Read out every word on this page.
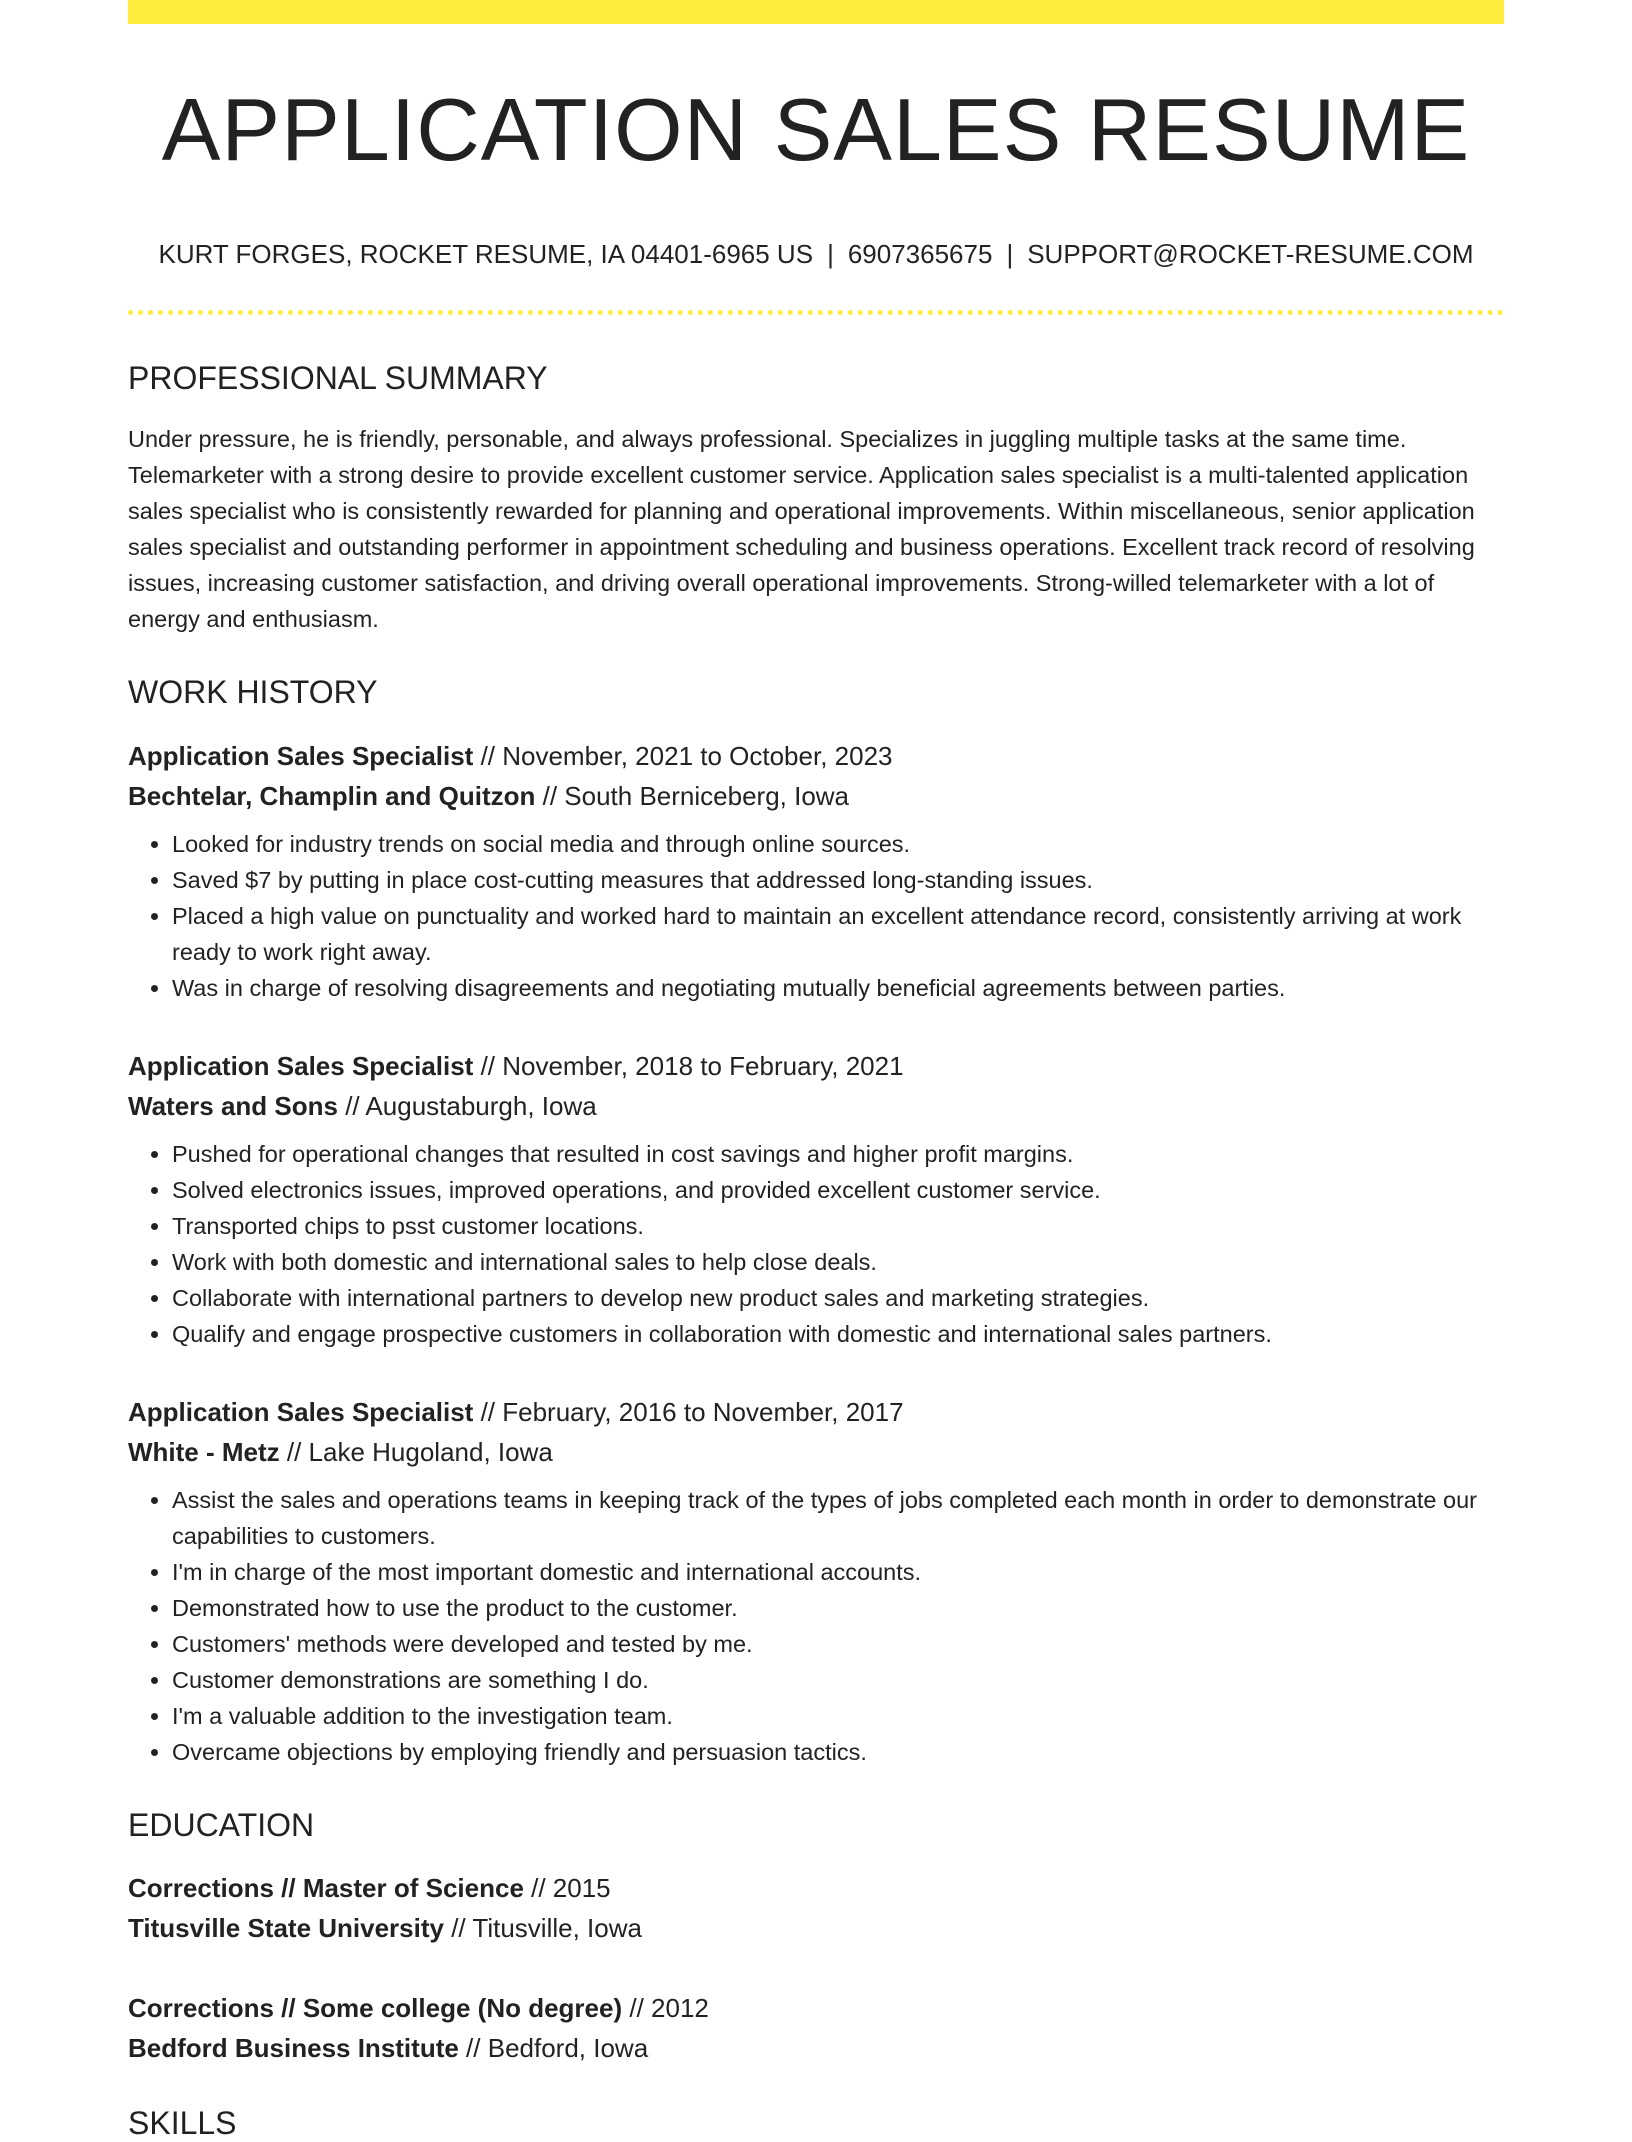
APPLICATION SALES RESUME
KURT FORGES, ROCKET RESUME, IA 04401-6965 US | 6907365675 | SUPPORT@ROCKET-RESUME.COM
PROFESSIONAL SUMMARY

Under pressure, he is friendly, personable, and always professional. Specializes in juggling multiple tasks at the same time. Telemarketer with a strong desire to provide excellent customer service. Application sales specialist is a multi-talented application sales specialist who is consistently rewarded for planning and operational improvements. Within miscellaneous, senior application sales specialist and outstanding performer in appointment scheduling and business operations. Excellent track record of resolving issues, increasing customer satisfaction, and driving overall operational improvements. Strong-willed telemarketer with a lot of energy and enthusiasm.

WORK HISTORY
Application Sales Specialist // November, 2021 to October, 2023
Bechtelar, Champlin and Quitzon // South Berniceberg, Iowa
• Looked for industry trends on social media and through online sources.
• Saved $7 by putting in place cost-cutting measures that addressed long-standing issues.
• Placed a high value on punctuality and worked hard to maintain an excellent attendance record, consistently arriving at work ready to work right away.
• Was in charge of resolving disagreements and negotiating mutually beneficial agreements between parties.
Application Sales Specialist // November, 2018 to February, 2021
Waters and Sons // Augustaburgh, Iowa
• Pushed for operational changes that resulted in cost savings and higher profit margins.
• Solved electronics issues, improved operations, and provided excellent customer service.
• Transported chips to psst customer locations.
• Work with both domestic and international sales to help close deals.
• Collaborate with international partners to develop new product sales and marketing strategies.
• Qualify and engage prospective customers in collaboration with domestic and international sales partners.
Application Sales Specialist // February, 2016 to November, 2017
White - Metz // Lake Hugoland, Iowa
• Assist the sales and operations teams in keeping track of the types of jobs completed each month in order to demonstrate our capabilities to customers.
• I'm in charge of the most important domestic and international accounts.
• Demonstrated how to use the product to the customer.
• Customers' methods were developed and tested by me.
• Customer demonstrations are something I do.
• I'm a valuable addition to the investigation team.
• Overcame objections by employing friendly and persuasion tactics.
EDUCATION
Corrections // Master of Science // 2015
Titusville State University // Titusville, Iowa
Corrections // Some college (No degree) // 2012
Bedford Business Institute // Bedford, Iowa
SKILLS
